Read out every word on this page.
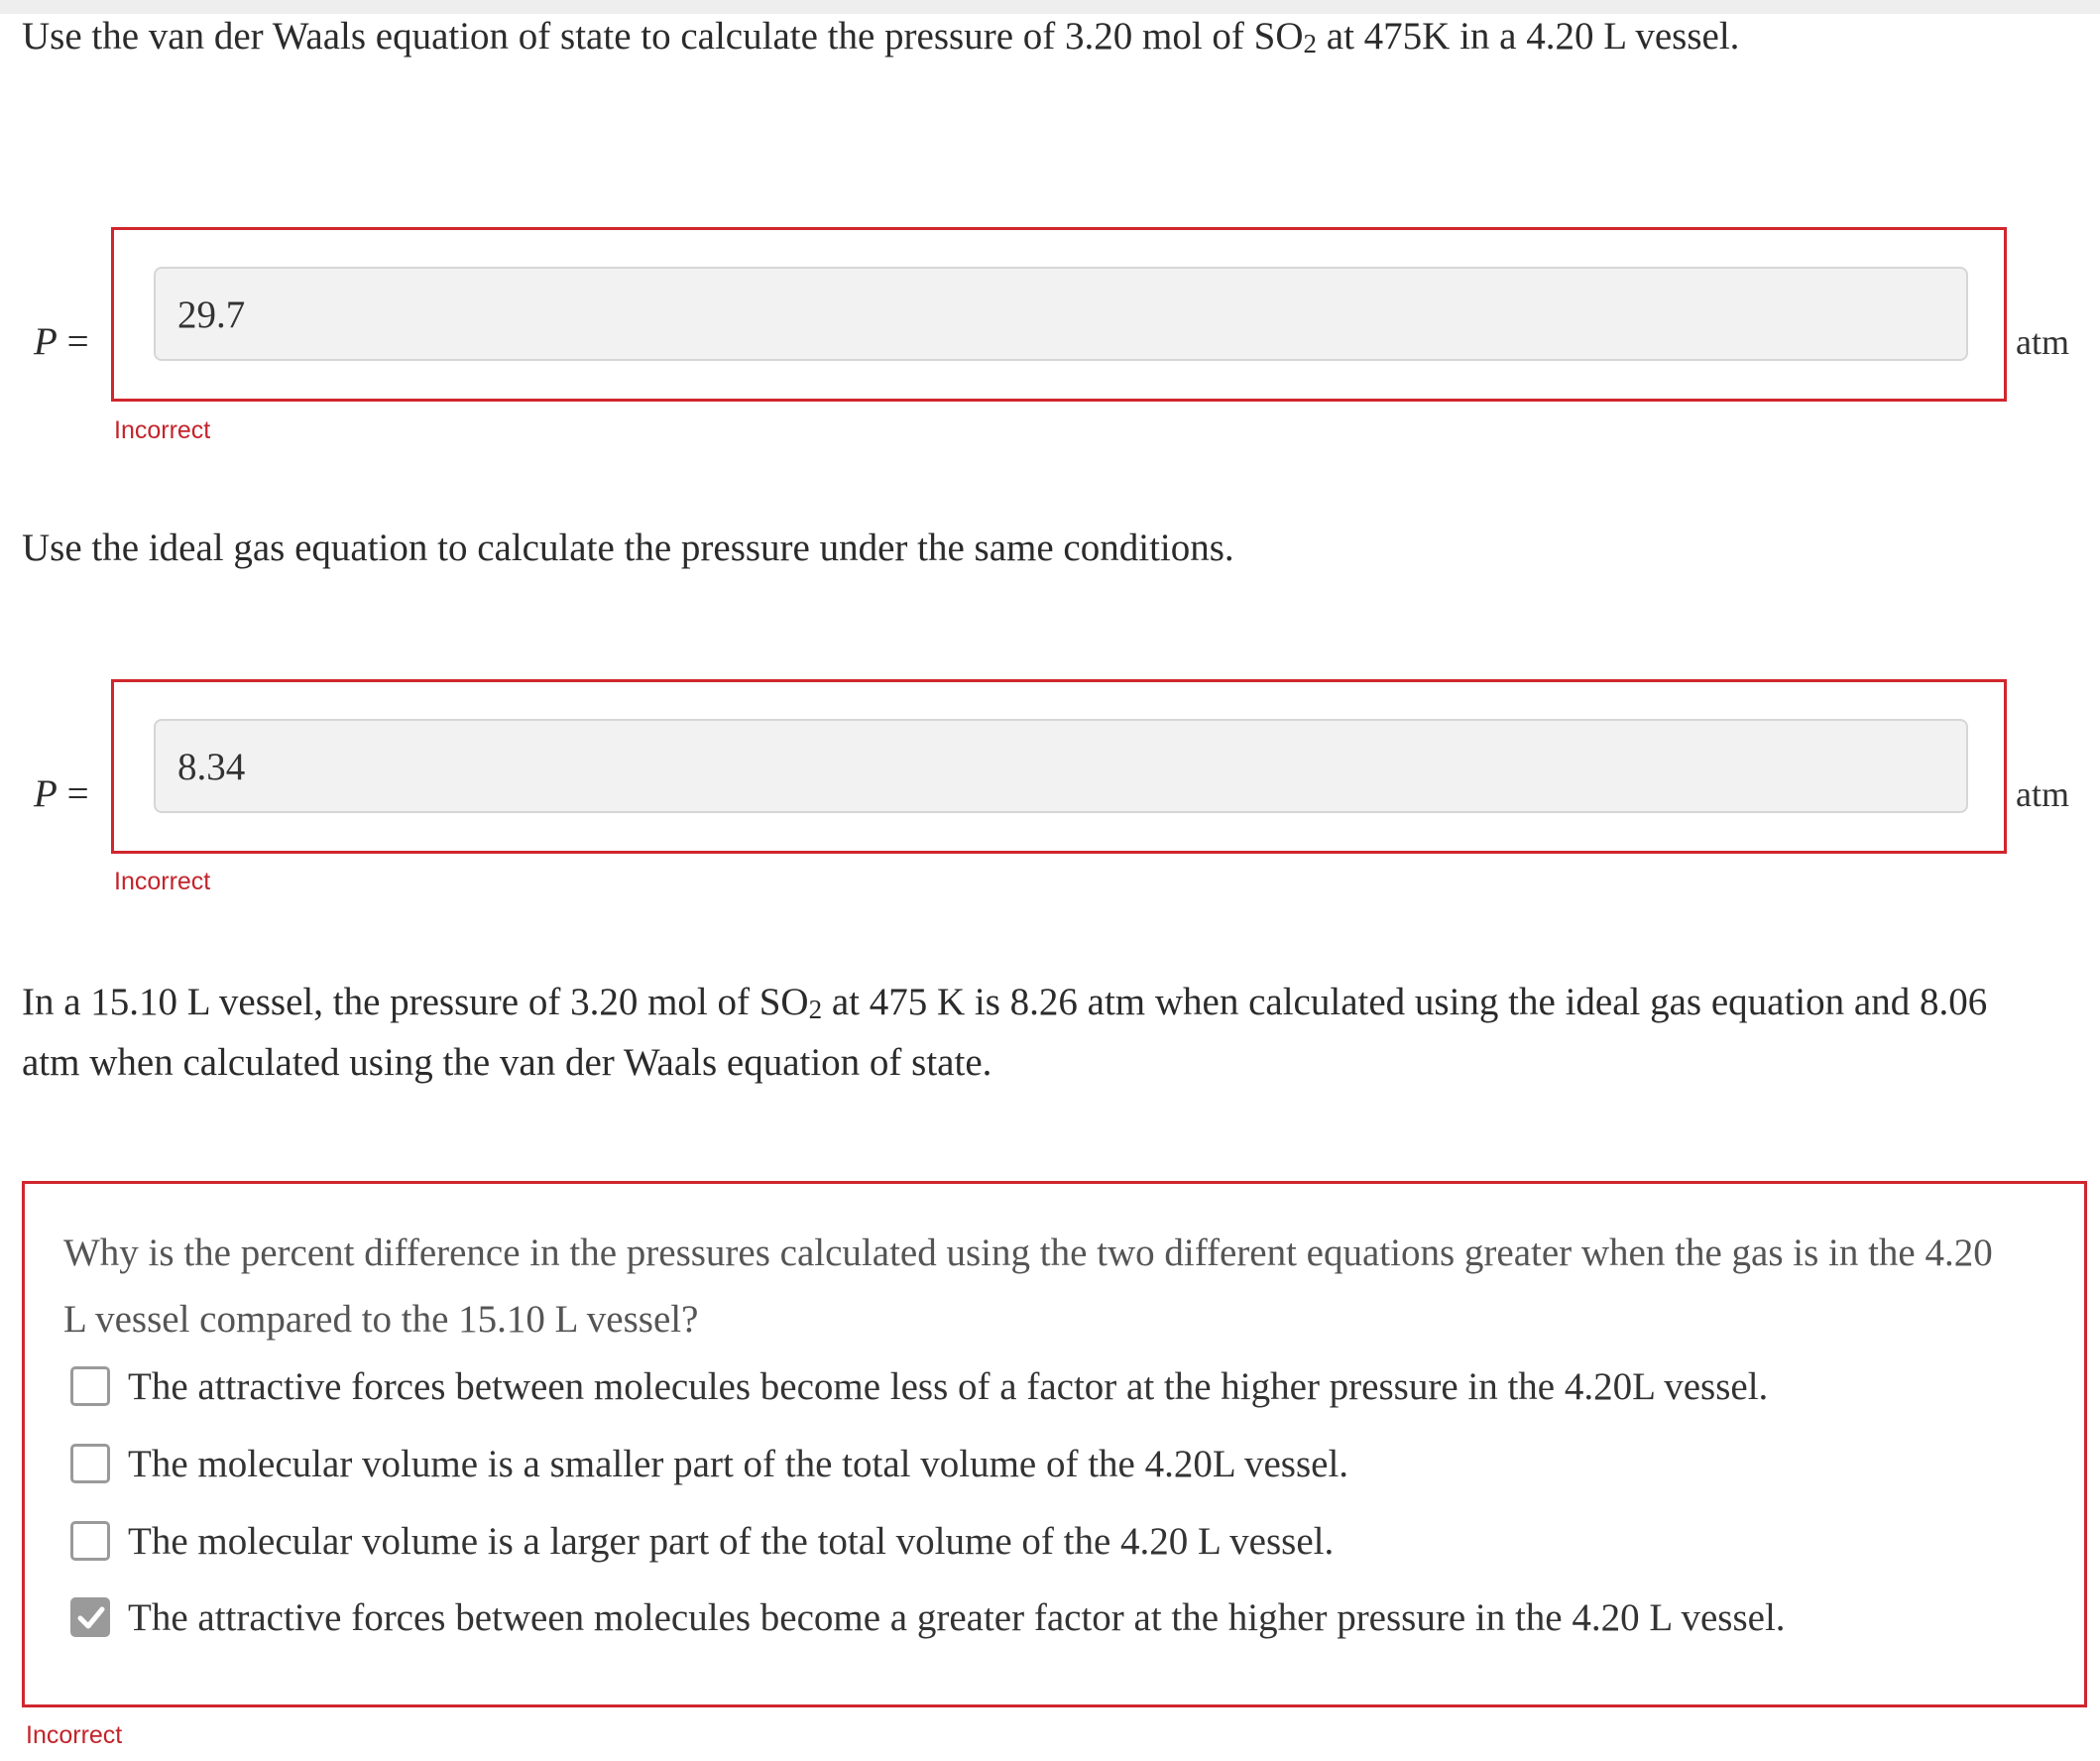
Use the van der Waals equation of state to calculate the pressure of 3.20 mol of $SO_2$ at 475K in a 4.20 L vessel.
P =
29.7
atm
Incorrect
Use the ideal gas equation to calculate the pressure under the same conditions.
P =
8.34
atm
Incorrect
In a 15.10 L vessel, the pressure of 3.20 mol of $SO_2$ at 475 K is 8.26 atm when calculated using the ideal gas equation and 8.06 atm when calculated using the van der Waals equation of state.
Why is the percent difference in the pressures calculated using the two different equations greater when the gas is in the 4.20 L vessel compared to the 15.10 L vessel?
The attractive forces between molecules become less of a factor at the higher pressure in the 4.20L vessel.
The molecular volume is a smaller part of the total volume of the 4.20L vessel.
The molecular volume is a larger part of the total volume of the 4.20 L vessel.
The attractive forces between molecules become a greater factor at the higher pressure in the 4.20 L vessel.
Incorrect
